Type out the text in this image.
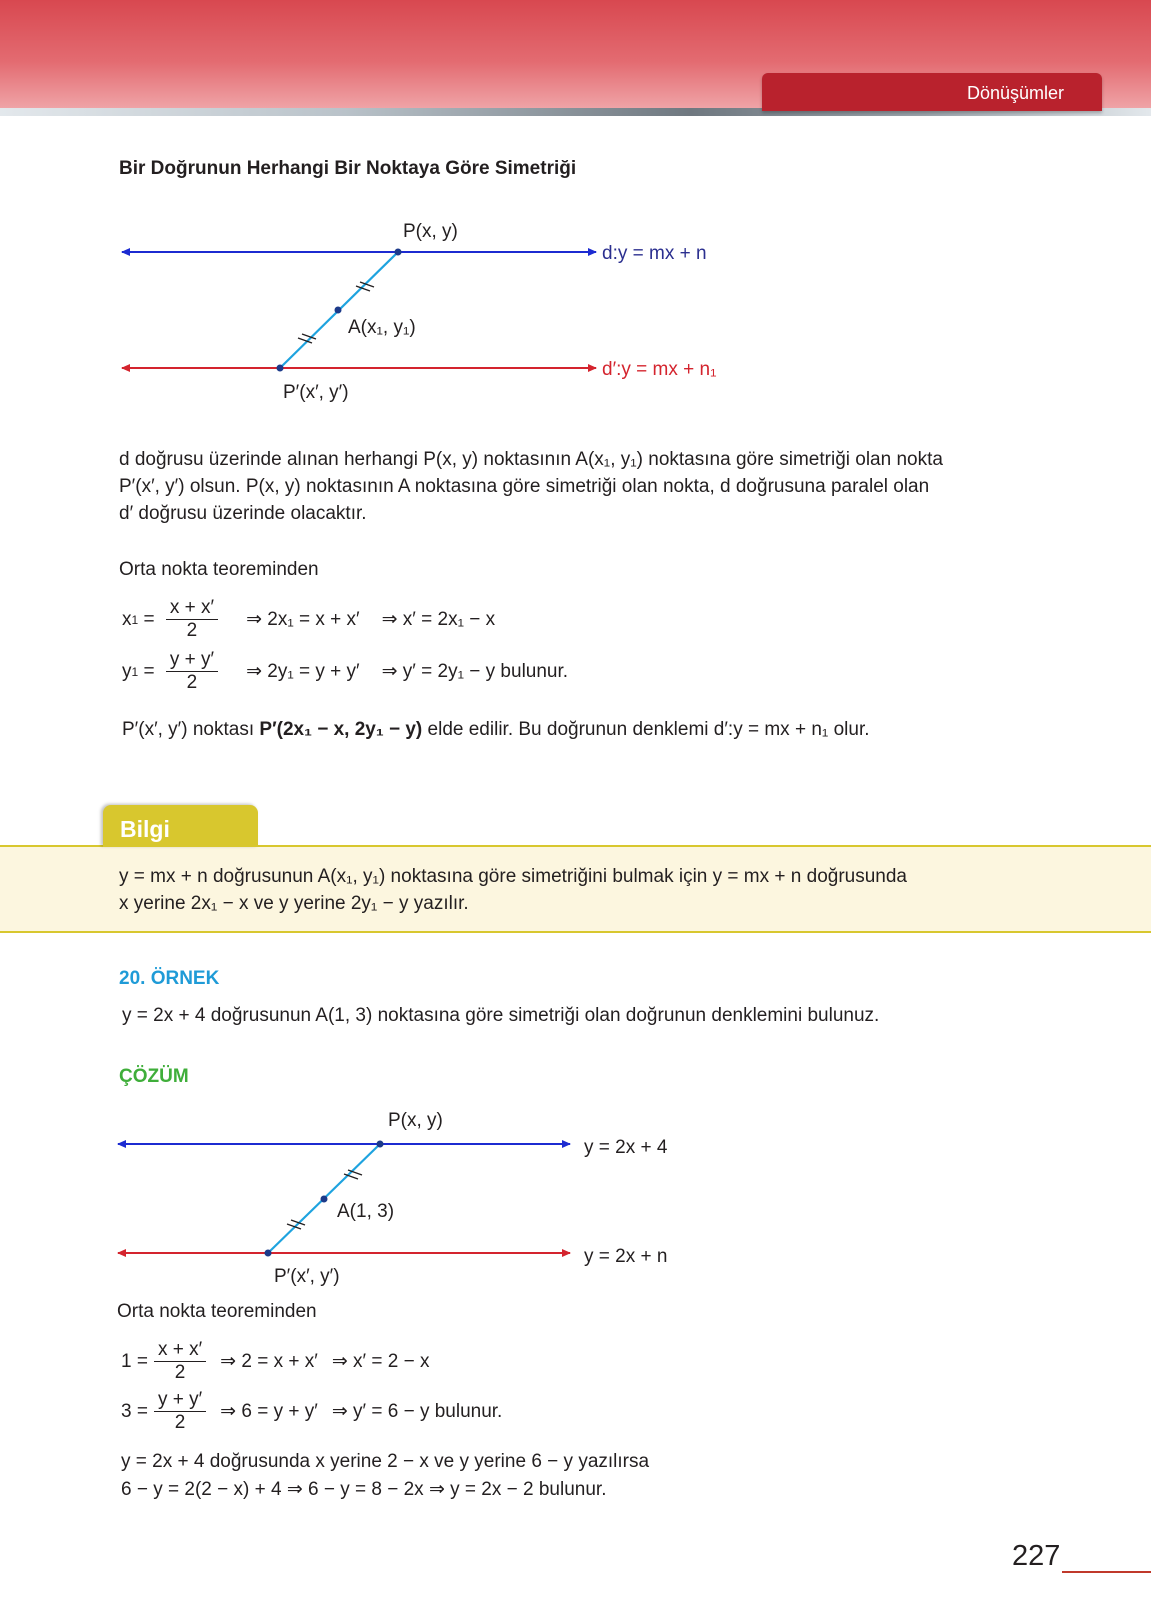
Dönüşümler
Bir Doğrunun Herhangi Bir Noktaya Göre Simetriği
P(x, y)
A(x₁, y₁)
P′(x′, y′)
d:y = mx + n
d′:y = mx + n₁
d doğrusu üzerinde alınan herhangi P(x, y) noktasının A(x₁, y₁) noktasına göre simetriği olan nokta
P′(x′, y′) olsun. P(x, y) noktasının A noktasına göre simetriği olan nokta, d doğrusuna paralel olan
d′ doğrusu üzerinde olacaktır.
Orta nokta teoreminden
x $1 = \frac{x + x'}{2}$ ⇒ 2x₁ = x + x′ ⇒ x′ = 2x₁ − x
y $1 = \frac{y + y'}{2}$ ⇒ 2y₁ = y + y′ ⇒ y′ = 2y₁ − y bulunur.
P′(x′, y′) noktası P′(2x₁ − x, 2y₁ − y) elde edilir. Bu doğrunun denklemi d′:y = mx + n₁ olur.
Bilgi
y = mx + n doğrusunun A(x₁, y₁) noktasına göre simetriğini bulmak için y = mx + n doğrusunda
x yerine 2x₁ − x ve y yerine 2y₁ − y yazılır.
20. ÖRNEK
y = 2x + 4 doğrusunun A(1, 3) noktasına göre simetriği olan doğrunun denklemini bulunuz.
ÇÖZÜM
P(x, y)
A(1, 3)
P′(x′, y′)
y = 2x + 4
y = 2x + n
Orta nokta teoreminden
$1 = \frac{x + x'}{2}$ ⇒ 2 = x + x′ ⇒ x′ = 2 − x
$3 = \frac{y + y'}{2}$ ⇒ 6 = y + y′ ⇒ y′ = 6 − y bulunur.
y = 2x + 4 doğrusunda x yerine 2 − x ve y yerine 6 − y yazılırsa
6 − y = 2(2 − x) + 4 ⇒ 6 − y = 8 − 2x ⇒ y = 2x − 2 bulunur.
227
